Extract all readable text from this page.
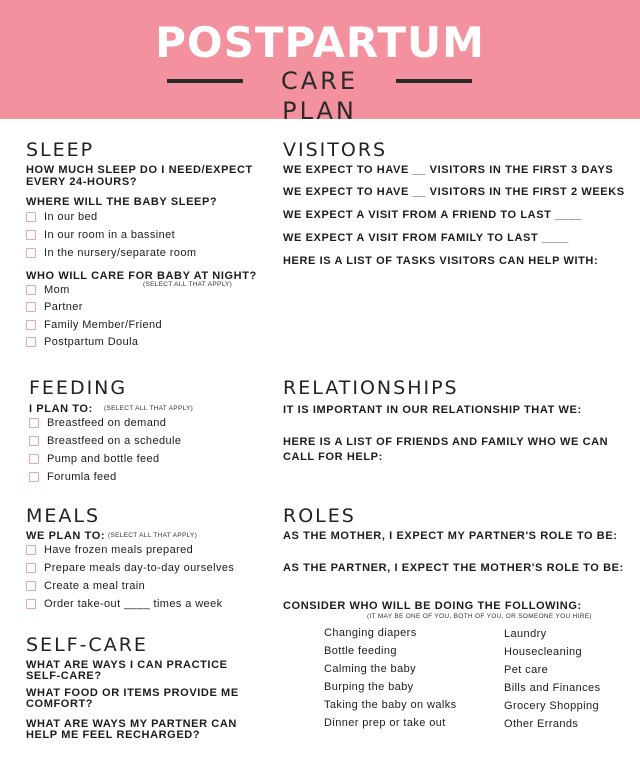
POSTPARTUM
CARE PLAN
SLEEP
HOW MUCH SLEEP DO I NEED/EXPECT
EVERY 24-HOURS?
WHERE WILL THE BABY SLEEP?
In our bed
In our room in a bassinet
In the nursery/separate room
WHO WILL CARE FOR BABY AT NIGHT?
(SELECT ALL THAT APPLY)
Mom
Partner
Family Member/Friend
Postpartum Doula
FEEDING
I PLAN TO: (SELECT ALL THAT APPLY)
Breastfeed on demand
Breastfeed on a schedule
Pump and bottle feed
Forumla feed
MEALS
WE PLAN TO: (SELECT ALL THAT APPLY)
Have frozen meals prepared
Prepare meals day-to-day ourselves
Create a meal train
Order take-out ____ times a week
SELF-CARE
WHAT ARE WAYS I CAN PRACTICE
SELF-CARE?
WHAT FOOD OR ITEMS PROVIDE ME
COMFORT?
WHAT ARE WAYS MY PARTNER CAN
HELP ME FEEL RECHARGED?
VISITORS
WE EXPECT TO HAVE __ VISITORS IN THE FIRST 3 DAYS
WE EXPECT TO HAVE __ VISITORS IN THE FIRST 2 WEEKS
WE EXPECT A VISIT FROM A FRIEND TO LAST ____
WE EXPECT A VISIT FROM FAMILY TO LAST ____
HERE IS A LIST OF TASKS VISITORS CAN HELP WITH:
RELATIONSHIPS
IT IS IMPORTANT IN OUR RELATIONSHIP THAT WE:
HERE IS A LIST OF FRIENDS AND FAMILY WHO WE CAN
CALL FOR HELP:
ROLES
AS THE MOTHER, I EXPECT MY PARTNER'S ROLE TO BE:
AS THE PARTNER, I EXPECT THE MOTHER'S ROLE TO BE:
CONSIDER WHO WILL BE DOING THE FOLLOWING:
(IT MAY BE ONE OF YOU, BOTH OF YOU, OR SOMEONE YOU HIRE)
Changing diapers
Bottle feeding
Calming the baby
Burping the baby
Taking the baby on walks
Dinner prep or take out
Laundry
Housecleaning
Pet care
Bills and Finances
Grocery Shopping
Other Errands
